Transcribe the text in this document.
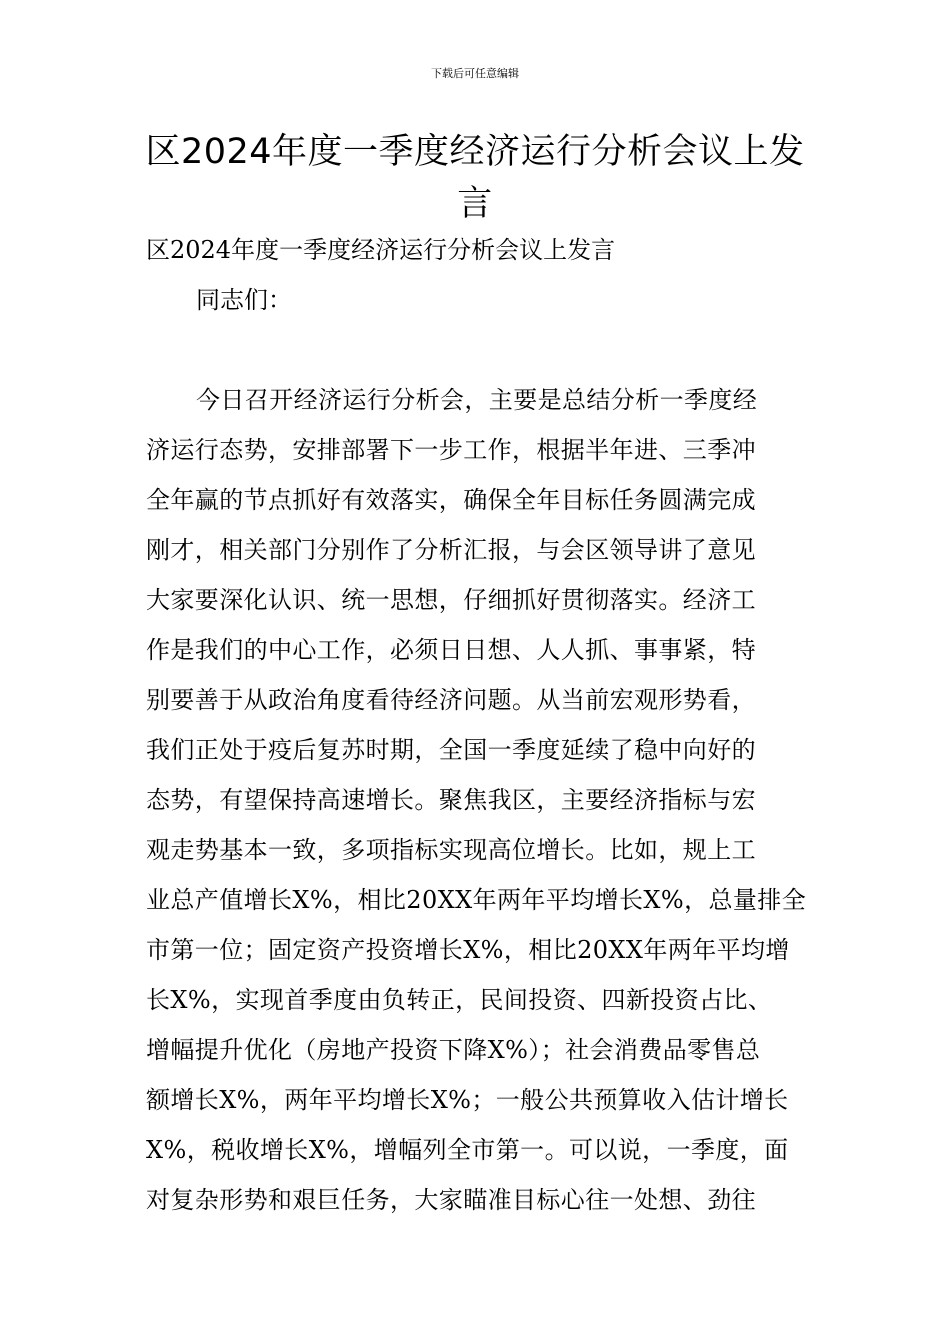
下载后可任意编辑
区2024年度一季度经济运行分析会议上发言
区2024年度一季度经济运行分析会议上发言
同志们：
今日召开经济运行分析会，主要是总结分析一季度经
济运行态势，安排部署下一步工作，根据半年进、三季冲
全年赢的节点抓好有效落实，确保全年目标任务圆满完成
刚才，相关部门分别作了分析汇报，与会区领导讲了意见
大家要深化认识、统一思想，仔细抓好贯彻落实。经济工
作是我们的中心工作，必须日日想、人人抓、事事紧，特
别要善于从政治角度看待经济问题。从当前宏观形势看，
我们正处于疫后复苏时期，全国一季度延续了稳中向好的
态势，有望保持高速增长。聚焦我区，主要经济指标与宏
观走势基本一致，多项指标实现高位增长。比如，规上工
业总产值增长X%，相比20XX年两年平均增长X%，总量排全
市第一位；固定资产投资增长X%，相比20XX年两年平均增
长X%，实现首季度由负转正，民间投资、四新投资占比、
增幅提升优化（房地产投资下降X%）；社会消费品零售总
额增长X%，两年平均增长X%；一般公共预算收入估计增长
X%，税收增长X%，增幅列全市第一。可以说，一季度，面
对复杂形势和艰巨任务，大家瞄准目标心往一处想、劲往
